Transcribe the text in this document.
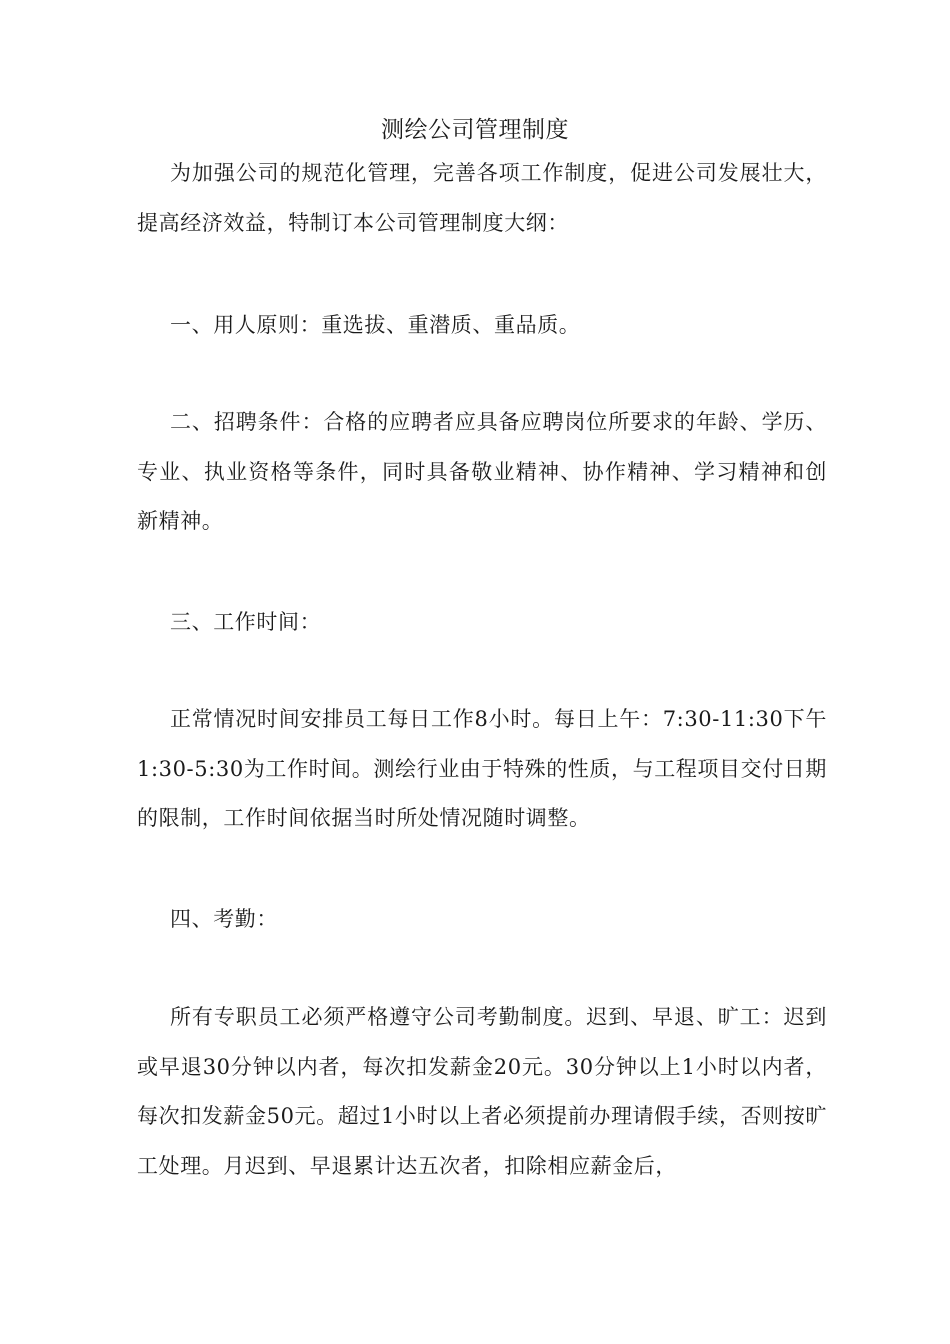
测绘公司管理制度

为加强公司的规范化管理，完善各项工作制度，促进公司发展壮大，提高经济效益，特制订本公司管理制度大纲：

一、用人原则：重选拔、重潜质、重品质。

二、招聘条件：合格的应聘者应具备应聘岗位所要求的年龄、学历、专业、执业资格等条件，同时具备敬业精神、协作精神、学习精神和创新精神。

三、工作时间：

正常情况时间安排员工每日工作8小时。每日上午：7:30-11:30下午1:30-5:30为工作时间。测绘行业由于特殊的性质，与工程项目交付日期的限制，工作时间依据当时所处情况随时调整。

四、考勤：

所有专职员工必须严格遵守公司考勤制度。迟到、早退、旷工：迟到或早退30分钟以内者，每次扣发薪金20元。30分钟以上1小时以内者，每次扣发薪金50元。超过1小时以上者必须提前办理请假手续，否则按旷工处理。月迟到、早退累计达五次者，扣除相应薪金后，
